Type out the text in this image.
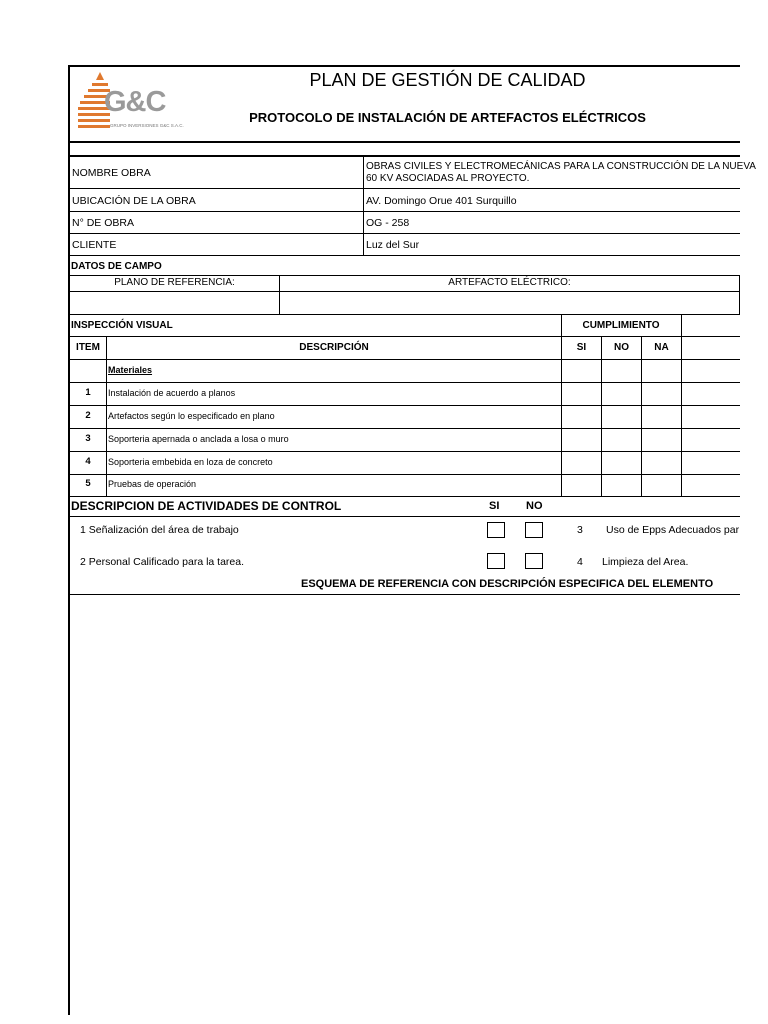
G&C
GRUPO INVERSIONES G&C S.A.C.
PLAN DE GESTIÓN DE CALIDAD
PROTOCOLO DE INSTALACIÓN DE ARTEFACTOS ELÉCTRICOS
NOMBRE OBRA
OBRAS CIVILES Y ELECTROMECÁNICAS PARA LA CONSTRUCCIÓN DE LA NUEVA
60 KV ASOCIADAS AL PROYECTO.
UBICACIÓN DE LA OBRA	AV. Domingo Orue 401 Surquillo
N° DE OBRA	OG - 258
CLIENTE	Luz del Sur
DATOS DE CAMPO
PLANO DE REFERENCIA:	ARTEFACTO ELÉCTRICO:
INSPECCIÓN VISUAL	CUMPLIMIENTO
ITEM	DESCRIPCIÓN	SI	NO	NA
Materiales
1	Instalación de acuerdo a planos
2	Artefactos según lo especificado en plano
3	Soporteria apernada o anclada a losa o muro
4	Soporteria embebida en loza de concreto
5	Pruebas de operación
DESCRIPCION DE ACTIVIDADES DE CONTROL	SI NO
1 Señalización del área de trabajo	3 Uso de Epps Adecuados par
2 Personal Calificado para la tarea.	4 Limpieza del Area.
ESQUEMA DE REFERENCIA CON DESCRIPCIÓN ESPECIFICA DEL ELEMENTO
